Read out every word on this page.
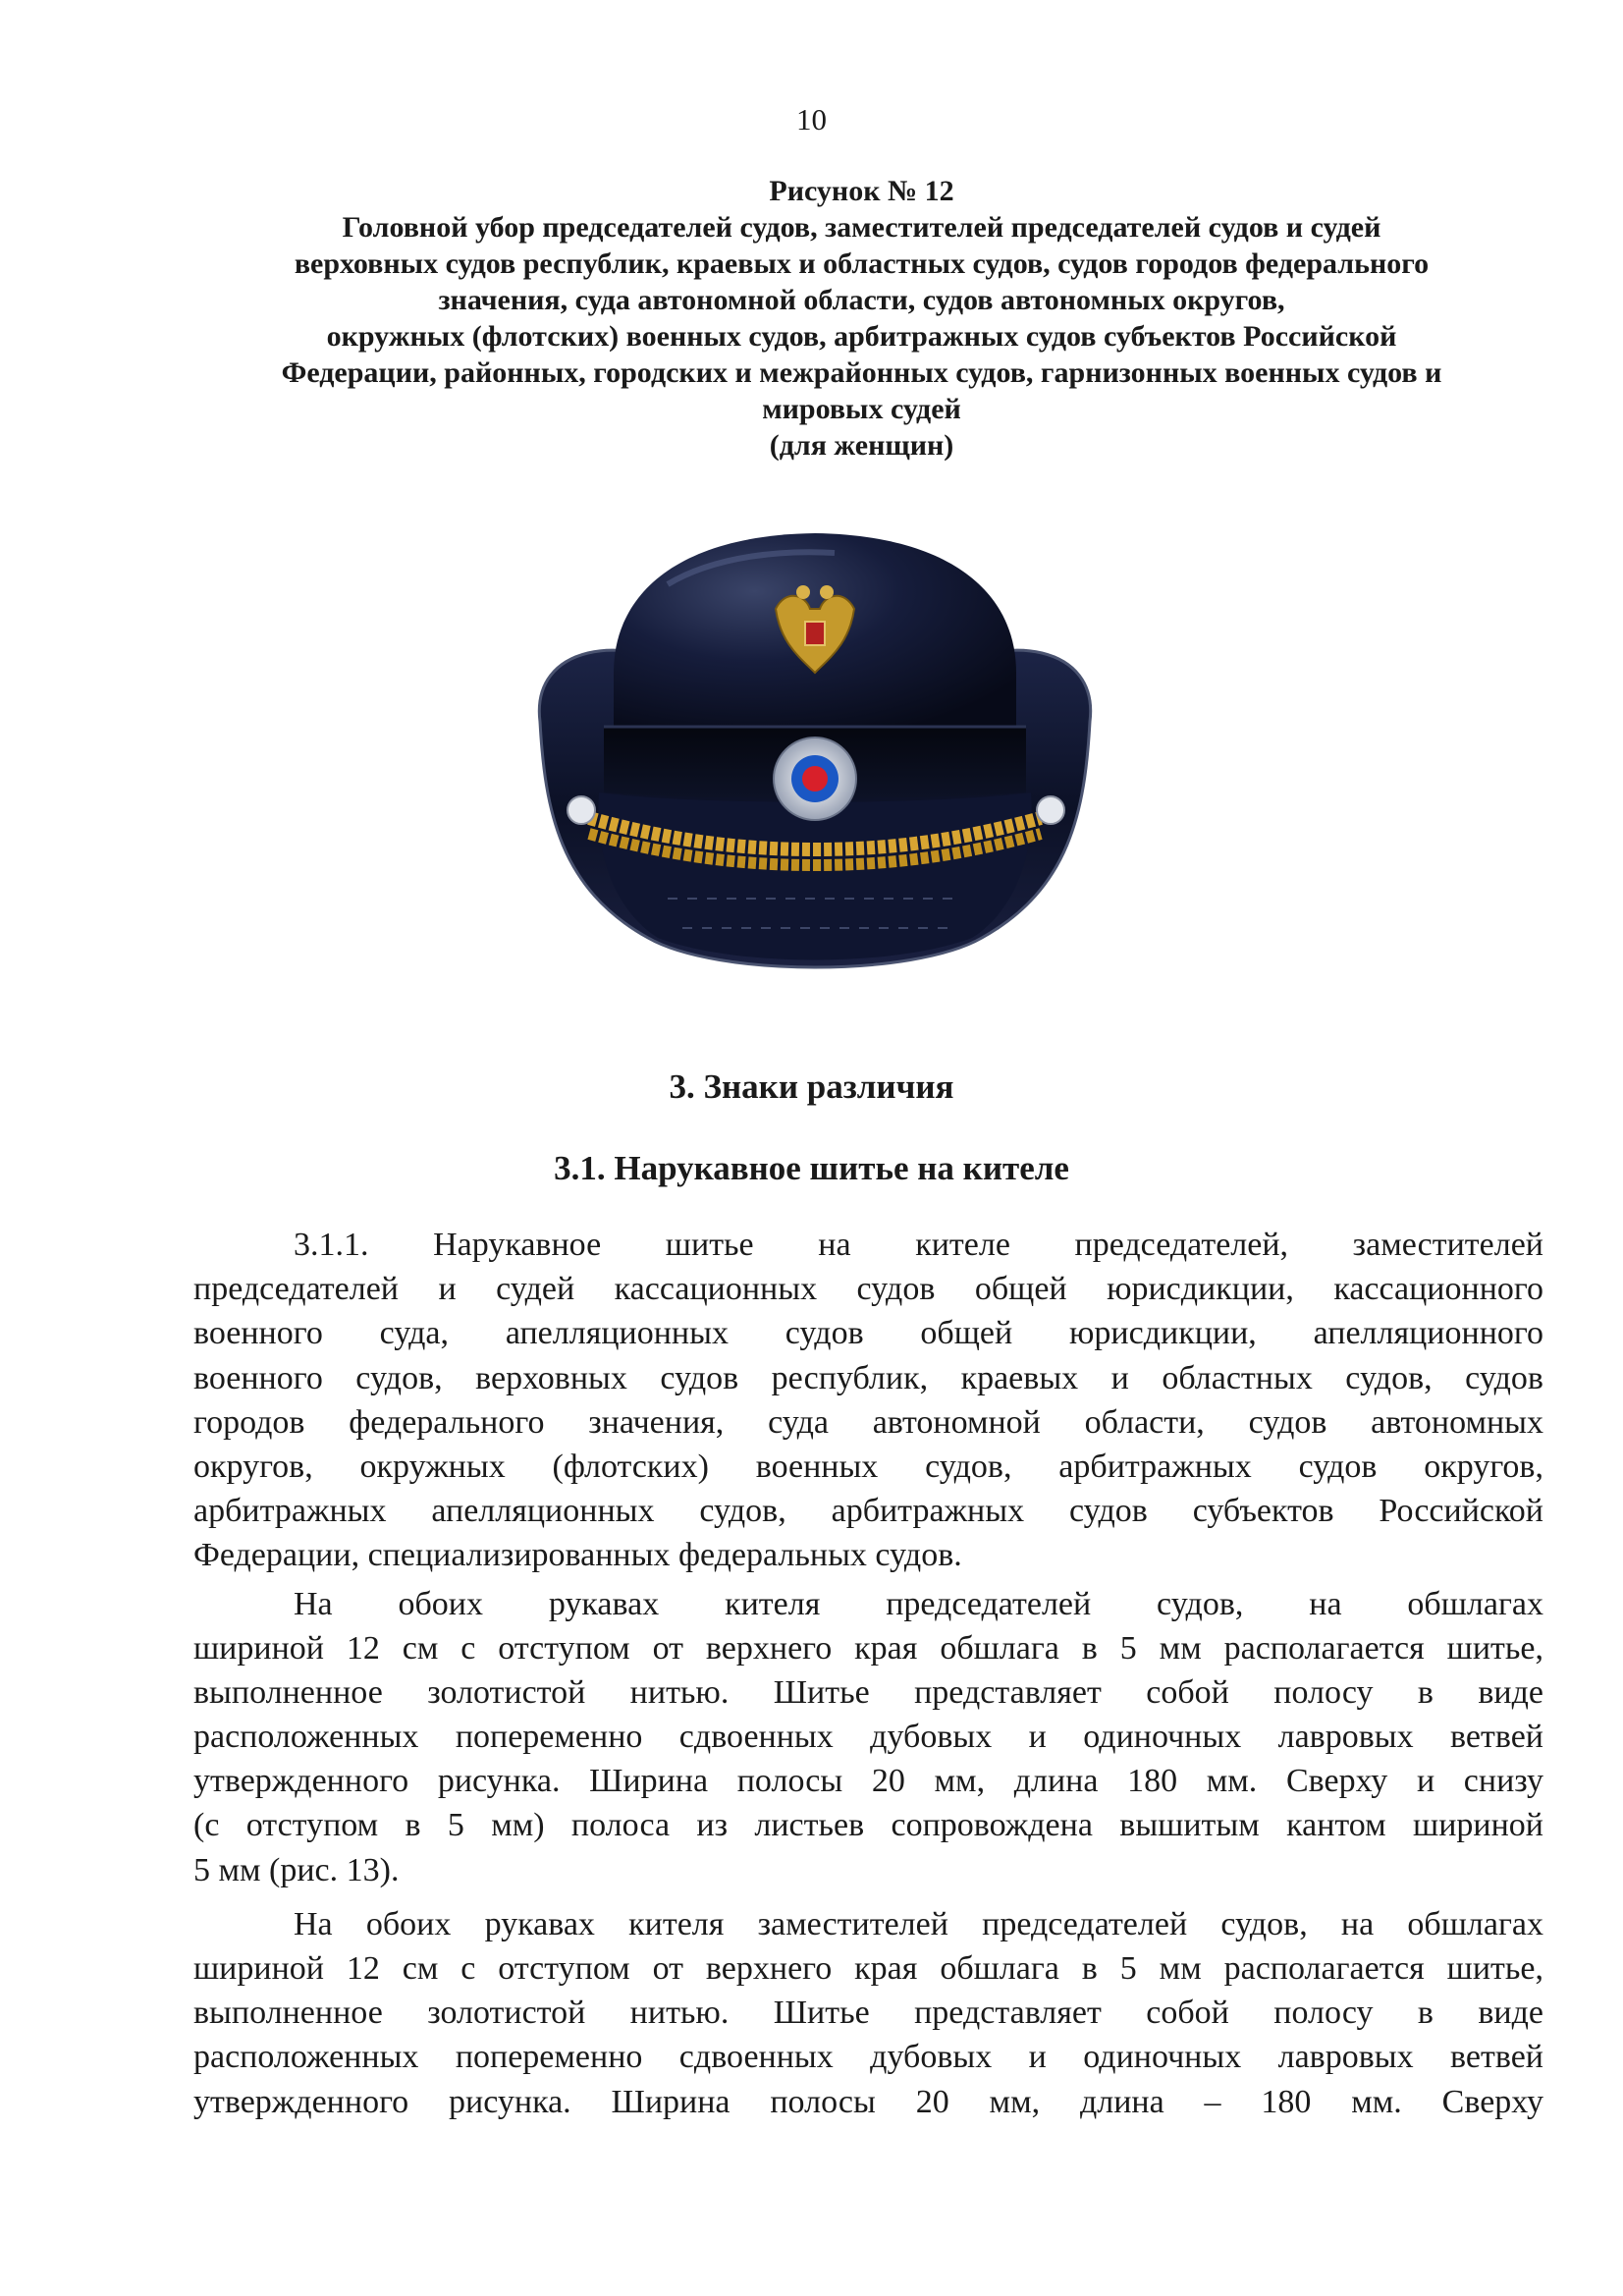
10
Рисунок № 12
Головной убор председателей судов, заместителей председателей судов и судей
верховных судов республик, краевых и областных судов, судов городов федерального
значения, суда автономной области, судов автономных округов,
окружных (флотских) военных судов, арбитражных судов субъектов Российской
Федерации, районных, городских и межрайонных судов, гарнизонных военных судов и
мировых судей
(для женщин)
3. Знаки различия
3.1. Нарукавное шитье на кителе
3.1.1. Нарукавное шитье на кителе председателей, заместителей
председателей и судей кассационных судов общей юрисдикции, кассационного
военного суда, апелляционных судов общей юрисдикции, апелляционного
военного судов, верховных судов республик, краевых и областных судов, судов
городов федерального значения, суда автономной области, судов автономных
округов, окружных (флотских) военных судов, арбитражных судов округов,
арбитражных апелляционных судов, арбитражных судов субъектов Российской
Федерации, специализированных федеральных судов.
На обоих рукавах кителя председателей судов, на обшлагах
шириной 12 см с отступом от верхнего края обшлага в 5 мм располагается шитье,
выполненное золотистой нитью. Шитье представляет собой полосу в виде
расположенных попеременно сдвоенных дубовых и одиночных лавровых ветвей
утвержденного рисунка. Ширина полосы 20 мм, длина 180 мм. Сверху и снизу
(с отступом в 5 мм) полоса из листьев сопровождена вышитым кантом шириной
5 мм (рис. 13).
На обоих рукавах кителя заместителей председателей судов, на обшлагах
шириной 12 см с отступом от верхнего края обшлага в 5 мм располагается шитье,
выполненное золотистой нитью. Шитье представляет собой полосу в виде
расположенных попеременно сдвоенных дубовых и одиночных лавровых ветвей
утвержденного рисунка. Ширина полосы 20 мм, длина – 180 мм. Сверху
